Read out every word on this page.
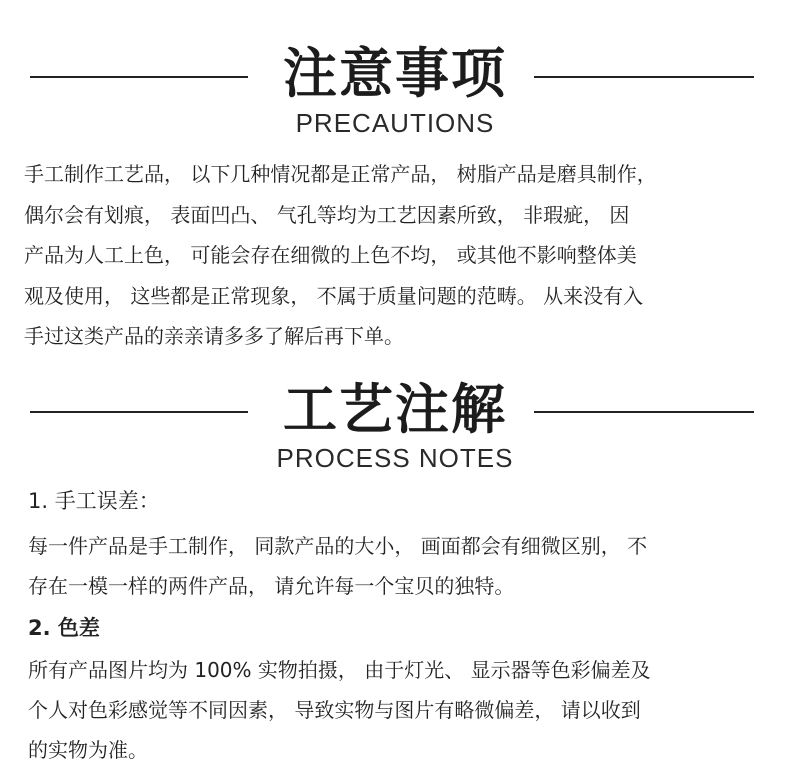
注意事项
PRECAUTIONS
手工制作工艺品， 以下几种情况都是正常产品， 树脂产品是磨具制作，
偶尔会有划痕， 表面凹凸、 气孔等均为工艺因素所致， 非瑕疵， 因
产品为人工上色， 可能会存在细微的上色不均， 或其他不影响整体美
观及使用， 这些都是正常现象， 不属于质量问题的范畴。 从来没有入
手过这类产品的亲亲请多多了解后再下单。
工艺注解
PROCESS NOTES
1. 手工误差：
每一件产品是手工制作， 同款产品的大小， 画面都会有细微区别， 不
存在一模一样的两件产品， 请允许每一个宝贝的独特。
2. 色差
所有产品图片均为 100% 实物拍摄， 由于灯光、 显示器等色彩偏差及
个人对色彩感觉等不同因素， 导致实物与图片有略微偏差， 请以收到
的实物为准。
